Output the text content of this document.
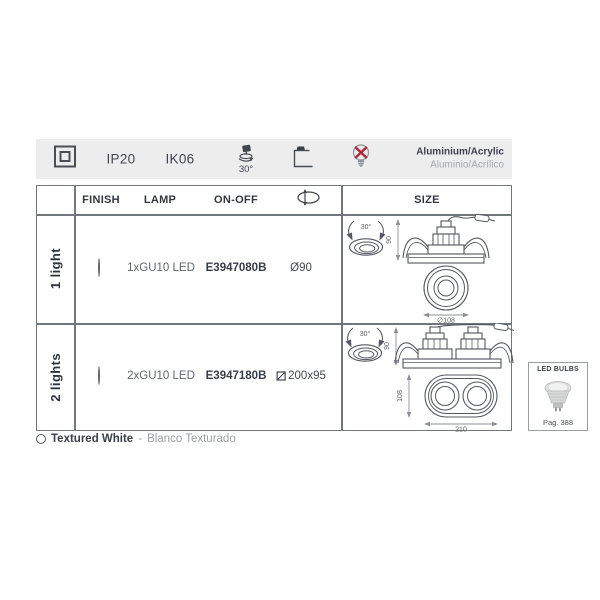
IP20 IK06
30°
Aluminium/Acrylic
Aluminio/Acrílico
FINISH LAMP	ON-OFF	SIZE
1 light	1xGU10 LED E3947080B Ø90
30°
90
∅108
2 lights	2xGU10 LED E3947180B 200x95
30°
90
108
210
LED BULBS
Pag. 388
Textured White - Blanco Texturado
